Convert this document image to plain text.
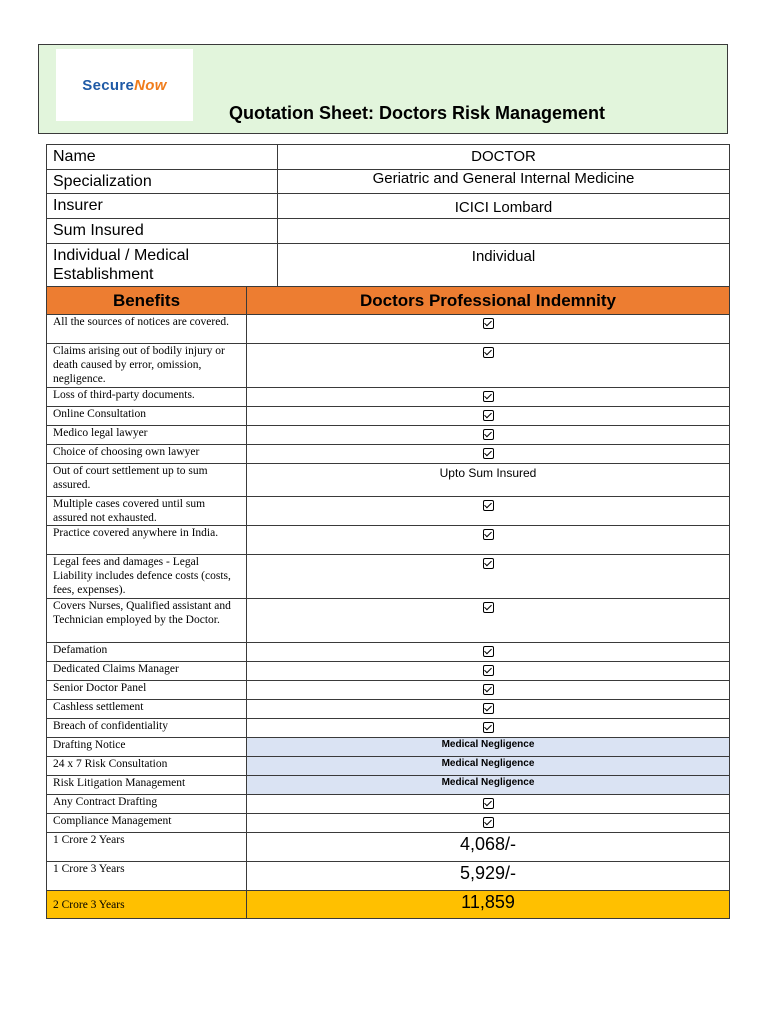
SecureNow
Quotation Sheet: Doctors Risk Management
Name	DOCTOR
Specialization	Geriatric and General Internal Medicine
Insurer	ICICI Lombard
Sum Insured	
Individual / Medical Establishment	Individual
Benefits	Doctors Professional Indemnity
All the sources of notices are covered.	
Claims arising out of bodily injury or death caused by error, omission, negligence.	
Loss of third-party documents.	
Online Consultation	
Medico legal lawyer	
Choice of choosing own lawyer	
Out of court settlement up to sum assured.	Upto Sum Insured
Multiple cases covered until sum assured not exhausted.	
Practice covered anywhere in India.	
Legal fees and damages - Legal Liability includes defence costs (costs, fees, expenses).	
Covers Nurses, Qualified assistant and Technician employed by the Doctor.	
Defamation	
Dedicated Claims Manager	
Senior Doctor Panel	
Cashless settlement	
Breach of confidentiality	
Drafting Notice	Medical Negligence
24 x 7 Risk Consultation	Medical Negligence
Risk Litigation Management	Medical Negligence
Any Contract Drafting	
Compliance Management	
1 Crore 2 Years	4,068/-
1 Crore 3 Years	5,929/-
2 Crore 3 Years	11,859
